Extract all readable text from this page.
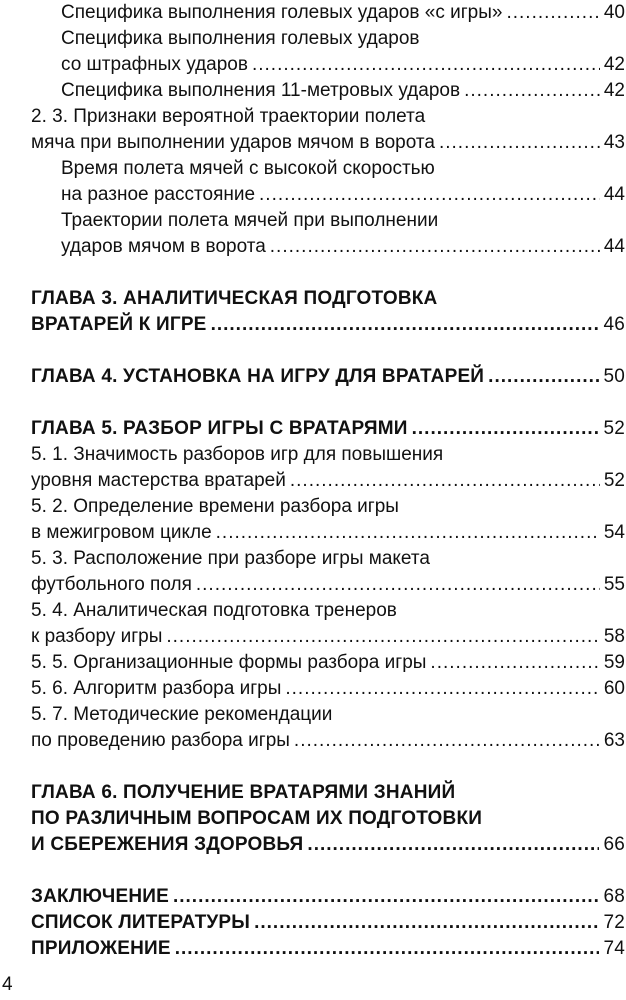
Специфика выполнения голевых ударов «с игры» .....	40
Специфика выполнения голевых ударов
со штрафных ударов .....	42
Специфика выполнения 11-метровых ударов .....	42
2. 3. Признаки вероятной траектории полета
мяча при выполнении ударов мячом в ворота .....	43
Время полета мячей с высокой скоростью
на разное расстояние .....	44
Траектории полета мячей при выполнении
ударов мячом в ворота .....	44
ГЛАВА 3. АНАЛИТИЧЕСКАЯ ПОДГОТОВКА
ВРАТАРЕЙ К ИГРЕ .....	46
ГЛАВА 4. УСТАНОВКА НА ИГРУ ДЛЯ ВРАТАРЕЙ .....	50
ГЛАВА 5. РАЗБОР ИГРЫ С ВРАТАРЯМИ .....	52
5. 1. Значимость разборов игр для повышения
уровня мастерства вратарей .....	52
5. 2. Определение времени разбора игры
в межигровом цикле .....	54
5. 3. Расположение при разборе игры макета
футбольного поля .....	55
5. 4. Аналитическая подготовка тренеров
к разбору игры .....	58
5. 5. Организационные формы разбора игры .....	59
5. 6. Алгоритм разбора игры .....	60
5. 7. Методические рекомендации
по проведению разбора игры .....	63
ГЛАВА 6. ПОЛУЧЕНИЕ ВРАТАРЯМИ ЗНАНИЙ
ПО РАЗЛИЧНЫМ ВОПРОСАМ ИХ ПОДГОТОВКИ
И СБЕРЕЖЕНИЯ ЗДОРОВЬЯ .....	66
ЗАКЛЮЧЕНИЕ .....	68
СПИСОК ЛИТЕРАТУРЫ .....	72
ПРИЛОЖЕНИЕ .....	74
4
